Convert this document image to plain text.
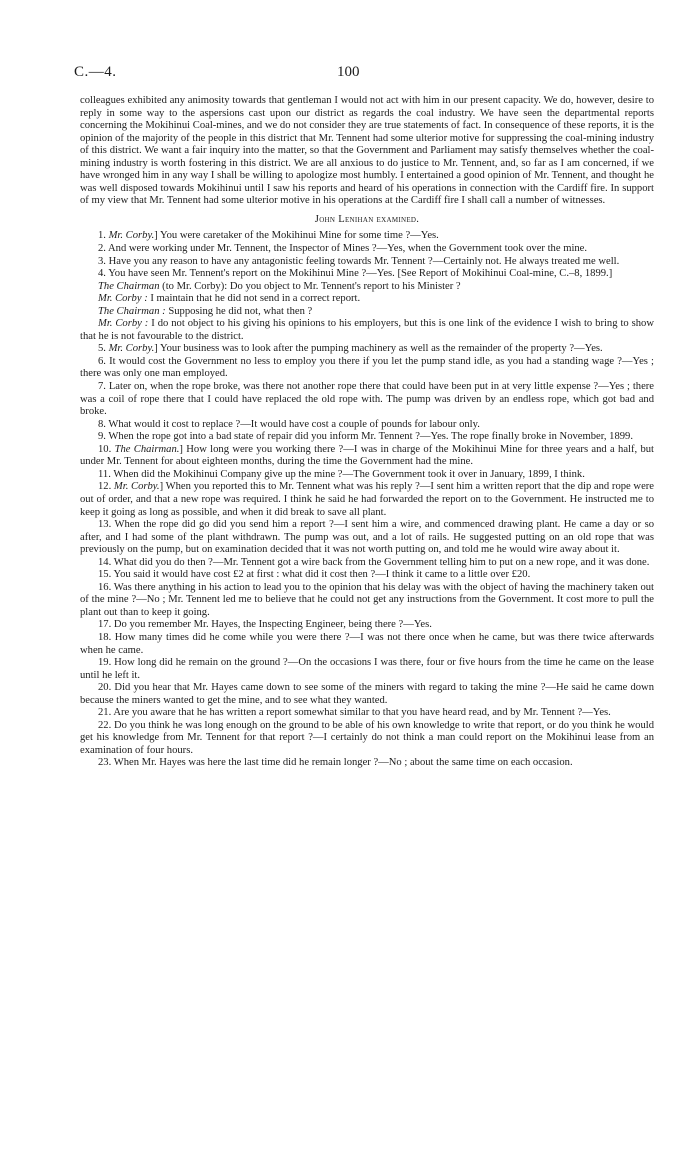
C.—4.	100

colleagues exhibited any animosity towards that gentleman I would not act with him in our present capacity. We do, however, desire to reply in some way to the aspersions cast upon our district as regards the coal industry. We have seen the departmental reports concerning the Mokihinui Coal-mines, and we do not consider they are true statements of fact. In consequence of these reports, it is the opinion of the majority of the people in this district that Mr. Tennent had some ulterior motive for suppressing the coal-mining industry of this district. We want a fair inquiry into the matter, so that the Government and Parliament may satisfy themselves whether the coal-mining industry is worth fostering in this district. We are all anxious to do justice to Mr. Tennent, and, so far as I am concerned, if we have wronged him in any way I shall be willing to apologize most humbly. I entertained a good opinion of Mr. Tennent, and thought he was well disposed towards Mokihinui until I saw his reports and heard of his operations in connection with the Cardiff fire. In support of my view that Mr. Tennent had some ulterior motive in his operations at the Cardiff fire I shall call a number of witnesses.

John Lenihan examined.

1. Mr. Corby.] You were caretaker of the Mokihinui Mine for some time ?—Yes.

2. And were working under Mr. Tennent, the Inspector of Mines ?—Yes, when the Government took over the mine.

3. Have you any reason to have any antagonistic feeling towards Mr. Tennent ?—Certainly not. He always treated me well.

4. You have seen Mr. Tennent's report on the Mokihinui Mine ?—Yes. [See Report of Mokihinui Coal-mine, C.–8, 1899.]

The Chairman (to Mr. Corby): Do you object to Mr. Tennent's report to his Minister ?

Mr. Corby : I maintain that he did not send in a correct report.

The Chairman : Supposing he did not, what then ?

Mr. Corby : I do not object to his giving his opinions to his employers, but this is one link of the evidence I wish to bring to show that he is not favourable to the district.

5. Mr. Corby.] Your business was to look after the pumping machinery as well as the remainder of the property ?—Yes.

6. It would cost the Government no less to employ you there if you let the pump stand idle, as you had a standing wage ?—Yes ; there was only one man employed.

7. Later on, when the rope broke, was there not another rope there that could have been put in at very little expense ?—Yes ; there was a coil of rope there that I could have replaced the old rope with. The pump was driven by an endless rope, which got bad and broke.

8. What would it cost to replace ?—It would have cost a couple of pounds for labour only.

9. When the rope got into a bad state of repair did you inform Mr. Tennent ?—Yes. The rope finally broke in November, 1899.

10. The Chairman.] How long were you working there ?—I was in charge of the Mokihinui Mine for three years and a half, but under Mr. Tennent for about eighteen months, during the time the Government had the mine.

11. When did the Mokihinui Company give up the mine ?—The Government took it over in January, 1899, I think.

12. Mr. Corby.] When you reported this to Mr. Tennent what was his reply ?—I sent him a written report that the dip and rope were out of order, and that a new rope was required. I think he said he had forwarded the report on to the Government. He instructed me to keep it going as long as possible, and when it did break to save all plant.

13. When the rope did go did you send him a report ?—I sent him a wire, and commenced drawing plant. He came a day or so after, and I had some of the plant withdrawn. The pump was out, and a lot of rails. He suggested putting on an old rope that was previously on the pump, but on examination decided that it was not worth putting on, and told me he would wire away about it.

14. What did you do then ?—Mr. Tennent got a wire back from the Government telling him to put on a new rope, and it was done.

15. You said it would have cost £2 at first : what did it cost then ?—I think it came to a little over £20.

16. Was there anything in his action to lead you to the opinion that his delay was with the object of having the machinery taken out of the mine ?—No ; Mr. Tennent led me to believe that he could not get any instructions from the Government. It cost more to pull the plant out than to keep it going.

17. Do you remember Mr. Hayes, the Inspecting Engineer, being there ?—Yes.

18. How many times did he come while you were there ?—I was not there once when he came, but was there twice afterwards when he came.

19. How long did he remain on the ground ?—On the occasions I was there, four or five hours from the time he came on the lease until he left it.

20. Did you hear that Mr. Hayes came down to see some of the miners with regard to taking the mine ?—He said he came down because the miners wanted to get the mine, and to see what they wanted.

21. Are you aware that he has written a report somewhat similar to that you have heard read, and by Mr. Tennent ?—Yes.

22. Do you think he was long enough on the ground to be able of his own knowledge to write that report, or do you think he would get his knowledge from Mr. Tennent for that report ?—I certainly do not think a man could report on the Mokihinui lease from an examination of four hours.

23. When Mr. Hayes was here the last time did he remain longer ?—No ; about the same time on each occasion.
